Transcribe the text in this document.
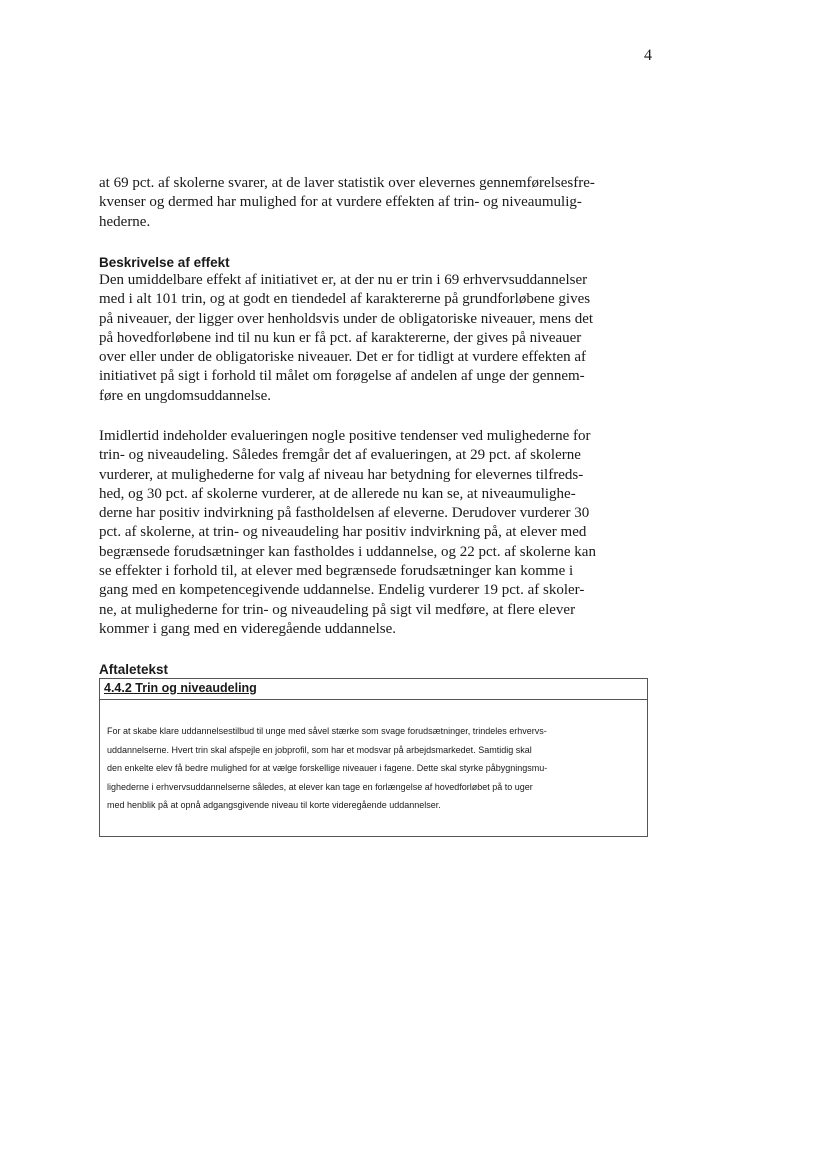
4

at 69 pct. af skolerne svarer, at de laver statistik over elevernes gennemførelsesfre-
kvenser og dermed har mulighed for at vurdere effekten af trin- og niveaumulig-
hederne.

Beskrivelse af effekt

Den umiddelbare effekt af initiativet er, at der nu er trin i 69 erhvervsuddannelser
med i alt 101 trin, og at godt en tiendedel af karaktererne på grundforløbene gives
på niveauer, der ligger over henholdsvis under de obligatoriske niveauer, mens det
på hovedforløbene ind til nu kun er få pct. af karaktererne, der gives på niveauer
over eller under de obligatoriske niveauer. Det er for tidligt at vurdere effekten af
initiativet på sigt i forhold til målet om forøgelse af andelen af unge der gennem-
føre en ungdomsuddannelse.

Imidlertid indeholder evalueringen nogle positive tendenser ved mulighederne for
trin- og niveaudeling. Således fremgår det af evalueringen, at 29 pct. af skolerne
vurderer, at mulighederne for valg af niveau har betydning for elevernes tilfreds-
hed, og 30 pct. af skolerne vurderer, at de allerede nu kan se, at niveaumulighe-
derne har positiv indvirkning på fastholdelsen af eleverne. Derudover vurderer 30
pct. af skolerne, at trin- og niveaudeling har positiv indvirkning på, at elever med
begrænsede forudsætninger kan fastholdes i uddannelse, og 22 pct. af skolerne kan
se effekter i forhold til, at elever med begrænsede forudsætninger kan komme i
gang med en kompetencegivende uddannelse. Endelig vurderer 19 pct. af skoler-
ne, at mulighederne for trin- og niveaudeling på sigt vil medføre, at flere elever
kommer i gang med en videregående uddannelse.

Aftaletekst
4.4.2 Trin og niveaudeling

For at skabe klare uddannelsestilbud til unge med såvel stærke som svage forudsætninger, trindeles erhvervs-
uddannelserne. Hvert trin skal afspejle en jobprofil, som har et modsvar på arbejdsmarkedet. Samtidig skal
den enkelte elev få bedre mulighed for at vælge forskellige niveauer i fagene. Dette skal styrke påbygningsmu-
lighederne i erhvervsuddannelserne således, at elever kan tage en forlængelse af hovedforløbet på to uger
med henblik på at opnå adgangsgivende niveau til korte videregående uddannelser.
